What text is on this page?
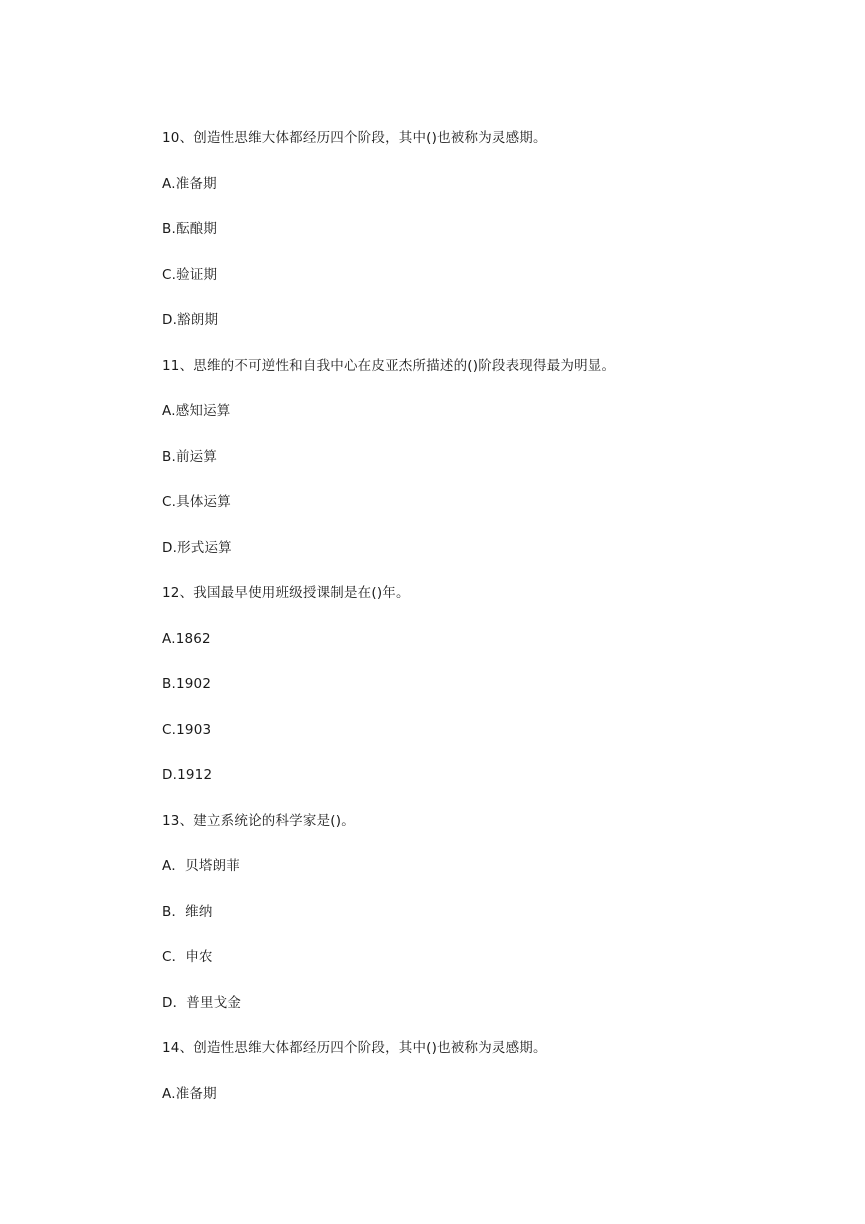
10、创造性思维大体都经历四个阶段，其中()也被称为灵感期。
A.准备期
B.酝酿期
C.验证期
D.豁朗期
11、思维的不可逆性和自我中心在皮亚杰所描述的()阶段表现得最为明显。
A.感知运算
B.前运算
C.具体运算
D.形式运算
12、我国最早使用班级授课制是在()年。
A.1862
B.1902
C.1903
D.1912
13、建立系统论的科学家是()。
A．贝塔朗菲
B．维纳
C．申农
D．普里戈金
14、创造性思维大体都经历四个阶段，其中()也被称为灵感期。
A.准备期
